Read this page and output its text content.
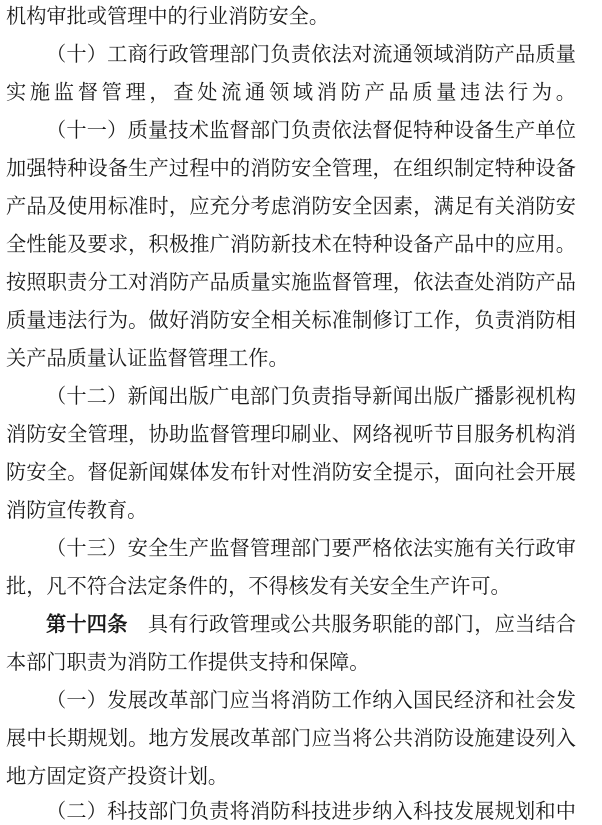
机构审批或管理中的行业消防安全。
（十）工商行政管理部门负责依法对流通领域消防产品质量
实施监督管理，查处流通领域消防产品质量违法行为。
（十一）质量技术监督部门负责依法督促特种设备生产单位
加强特种设备生产过程中的消防安全管理，在组织制定特种设备
产品及使用标准时，应充分考虑消防安全因素，满足有关消防安
全性能及要求，积极推广消防新技术在特种设备产品中的应用。
按照职责分工对消防产品质量实施监督管理，依法查处消防产品
质量违法行为。做好消防安全相关标准制修订工作，负责消防相
关产品质量认证监督管理工作。
（十二）新闻出版广电部门负责指导新闻出版广播影视机构
消防安全管理，协助监督管理印刷业、网络视听节目服务机构消
防安全。督促新闻媒体发布针对性消防安全提示，面向社会开展
消防宣传教育。
（十三）安全生产监督管理部门要严格依法实施有关行政审
批，凡不符合法定条件的，不得核发有关安全生产许可。
第十四条 具有行政管理或公共服务职能的部门，应当结合
本部门职责为消防工作提供支持和保障。
（一）发展改革部门应当将消防工作纳入国民经济和社会发
展中长期规划。地方发展改革部门应当将公共消防设施建设列入
地方固定资产投资计划。
（二）科技部门负责将消防科技进步纳入科技发展规划和中
